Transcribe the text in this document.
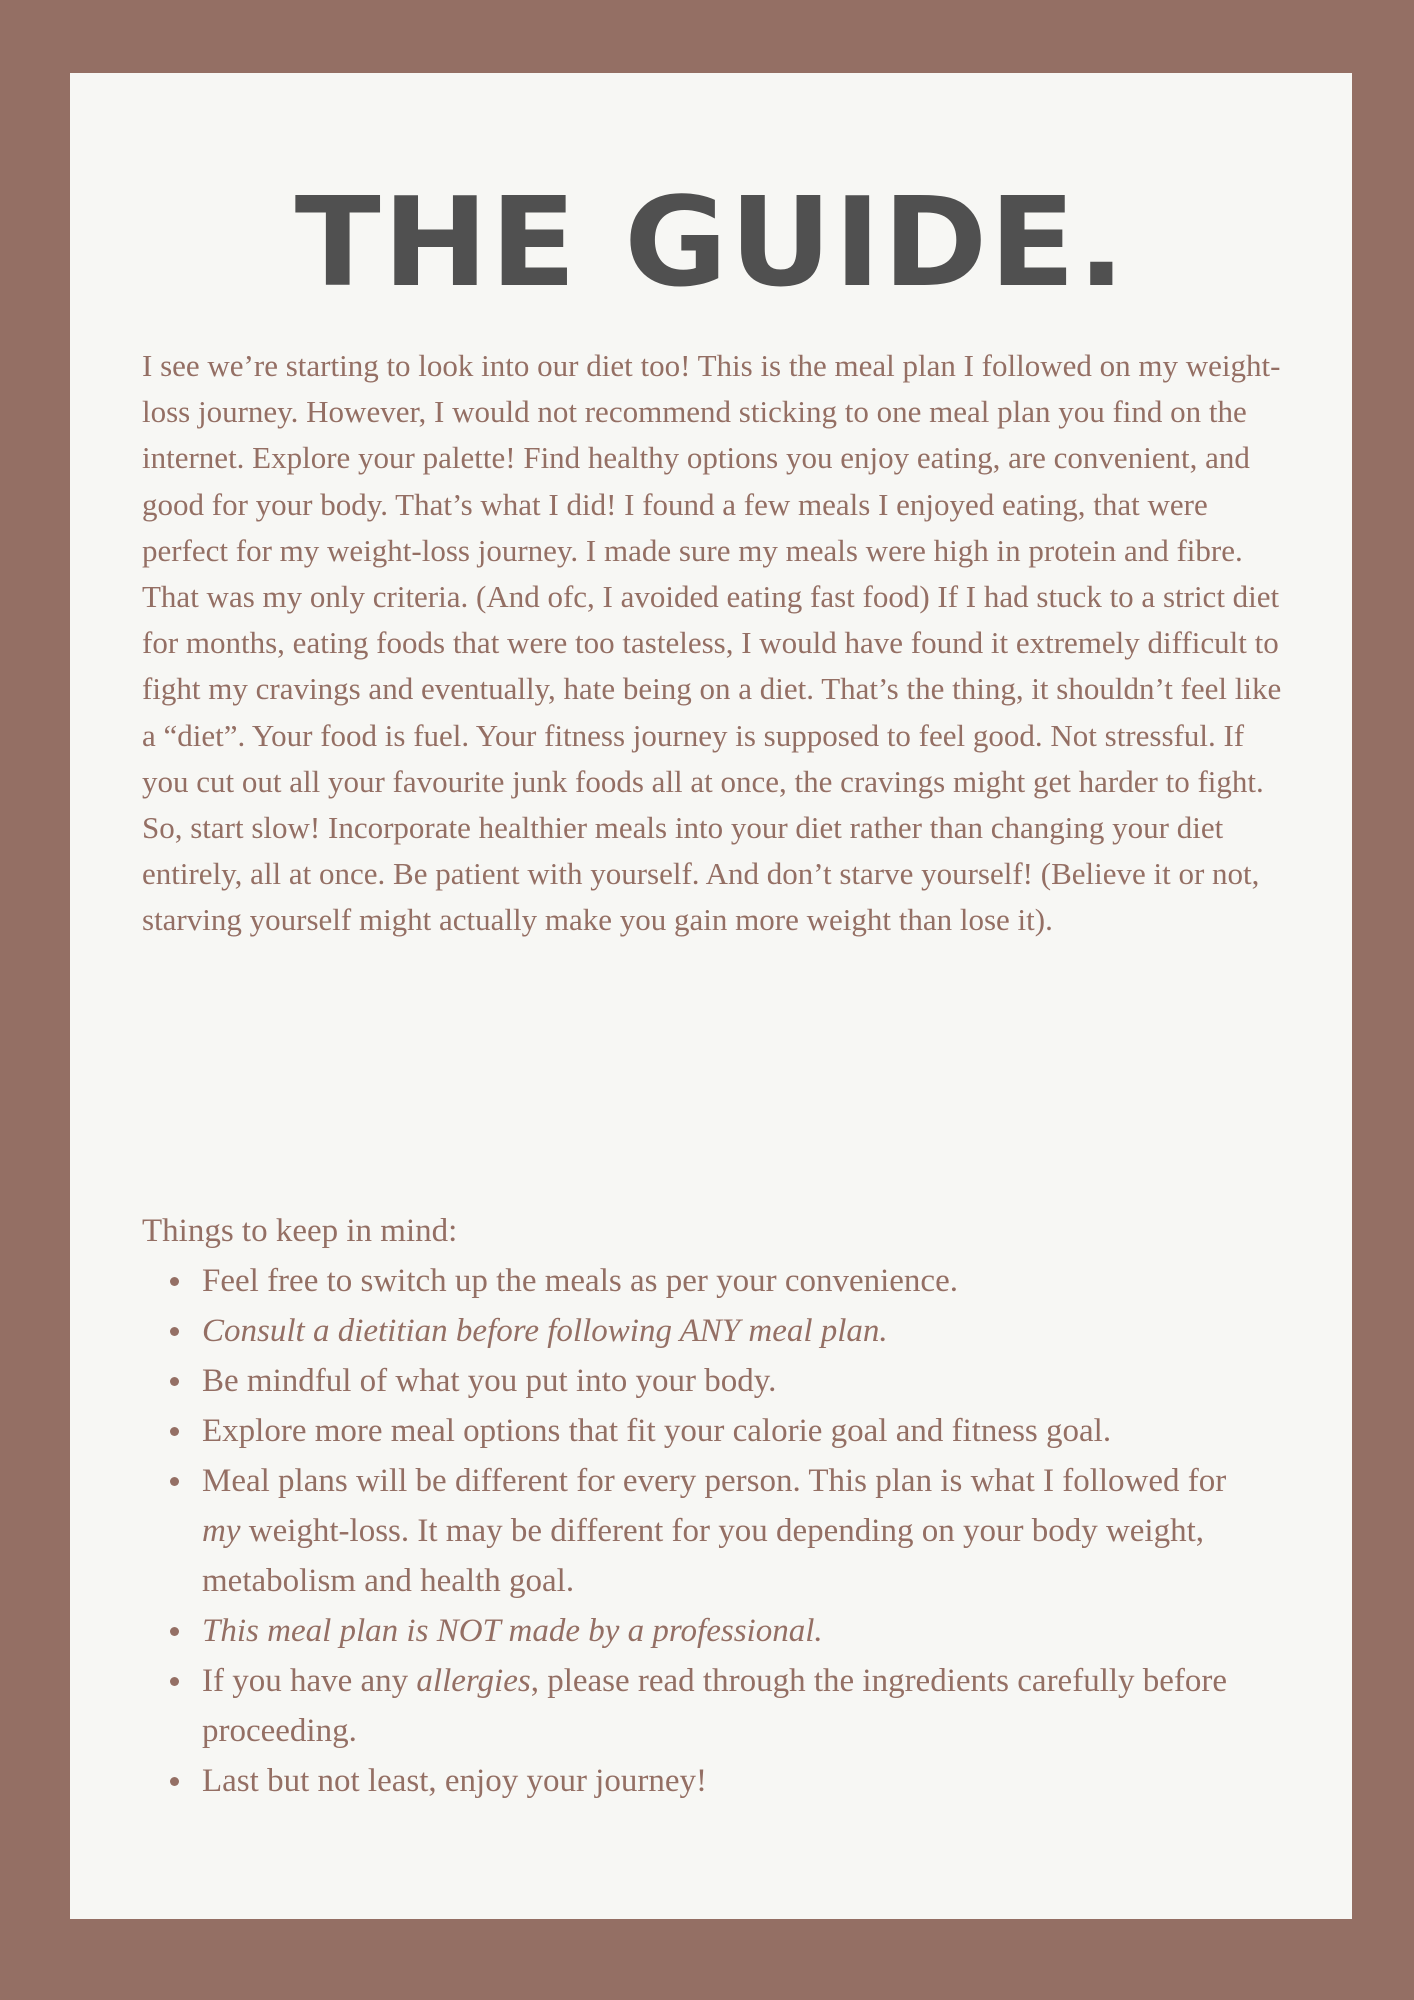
THE GUIDE.

I see we’re starting to look into our diet too! This is the meal plan I followed on my weight-loss journey. However, I would not recommend sticking to one meal plan you find on the internet. Explore your palette! Find healthy options you enjoy eating, are convenient, and good for your body. That’s what I did! I found a few meals I enjoyed eating, that were perfect for my weight-loss journey. I made sure my meals were high in protein and fibre. That was my only criteria. (And ofc, I avoided eating fast food) If I had stuck to a strict diet for months, eating foods that were too tasteless, I would have found it extremely difficult to fight my cravings and eventually, hate being on a diet. That’s the thing, it shouldn’t feel like a “diet”. Your food is fuel. Your fitness journey is supposed to feel good. Not stressful. If you cut out all your favourite junk foods all at once, the cravings might get harder to fight. So, start slow! Incorporate healthier meals into your diet rather than changing your diet entirely, all at once. Be patient with yourself. And don’t starve yourself! (Believe it or not, starving yourself might actually make you gain more weight than lose it).

Things to keep in mind:

Feel free to switch up the meals as per your convenience.
Consult a dietitian before following ANY meal plan.
Be mindful of what you put into your body.
Explore more meal options that fit your calorie goal and fitness goal.
Meal plans will be different for every person. This plan is what I followed for my weight-loss. It may be different for you depending on your body weight, metabolism and health goal.
This meal plan is NOT made by a professional.
If you have any allergies, please read through the ingredients carefully before proceeding.
Last but not least, enjoy your journey!
